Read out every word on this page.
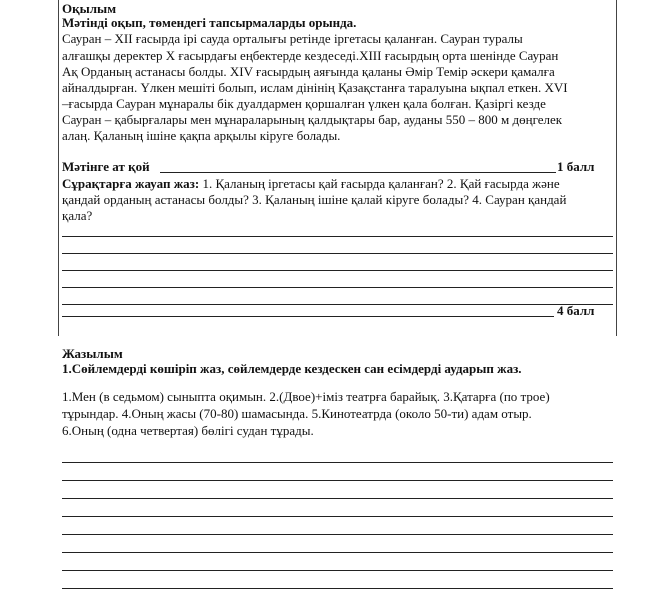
Оқылым
Мәтінді оқып, төмендегі тапсырмаларды орында.
Сауран – XII ғасырда ірі сауда орталығы ретінде іргетасы қаланған. Сауран туралы
алғашқы деректер X ғасырдағы еңбектерде кездеседі.XIII ғасырдың орта шенінде Сауран
Ақ Орданың астанасы болды. XIV ғасырдың аяғында қаланы Әмір Темір әскери қамалға
айналдырған. Үлкен мешіті болып, ислам дінінің Қазақстанға таралуына ықпал еткен. XVI
–ғасырда Сауран мұнаралы бік дуалдармен қоршалған үлкен қала болған. Қазіргі кезде
Сауран – қабырғалары мен мұнараларының қалдықтары бар, ауданы 550 – 800 м дөңгелек
алаң. Қаланың ішіне қақпа арқылы кіруге болады.
Мәтінге ат қой	1 балл
Сұрақтарға жауап жаз: 1. Қаланың іргетасы қай ғасырда қаланған? 2. Қай ғасырда және
қандай орданың астанасы болды? 3. Қаланың ішіне қалай кіруге болады? 4. Сауран қандай
қала?
4 балл
Жазылым
1.Сөйлемдерді көшіріп жаз, сөйлемдерде кездескен сан есімдерді аударып жаз.
1.Мен (в седьмом) сыныпта оқимын. 2.(Двое)+іміз театрға барайық. 3.Қатарға (по трое)
тұрындар. 4.Оның жасы (70-80) шамасында. 5.Кинотеатрда (около 50-ти) адам отыр.
6.Оның (одна четвертая) бөлігі судан тұрады.
